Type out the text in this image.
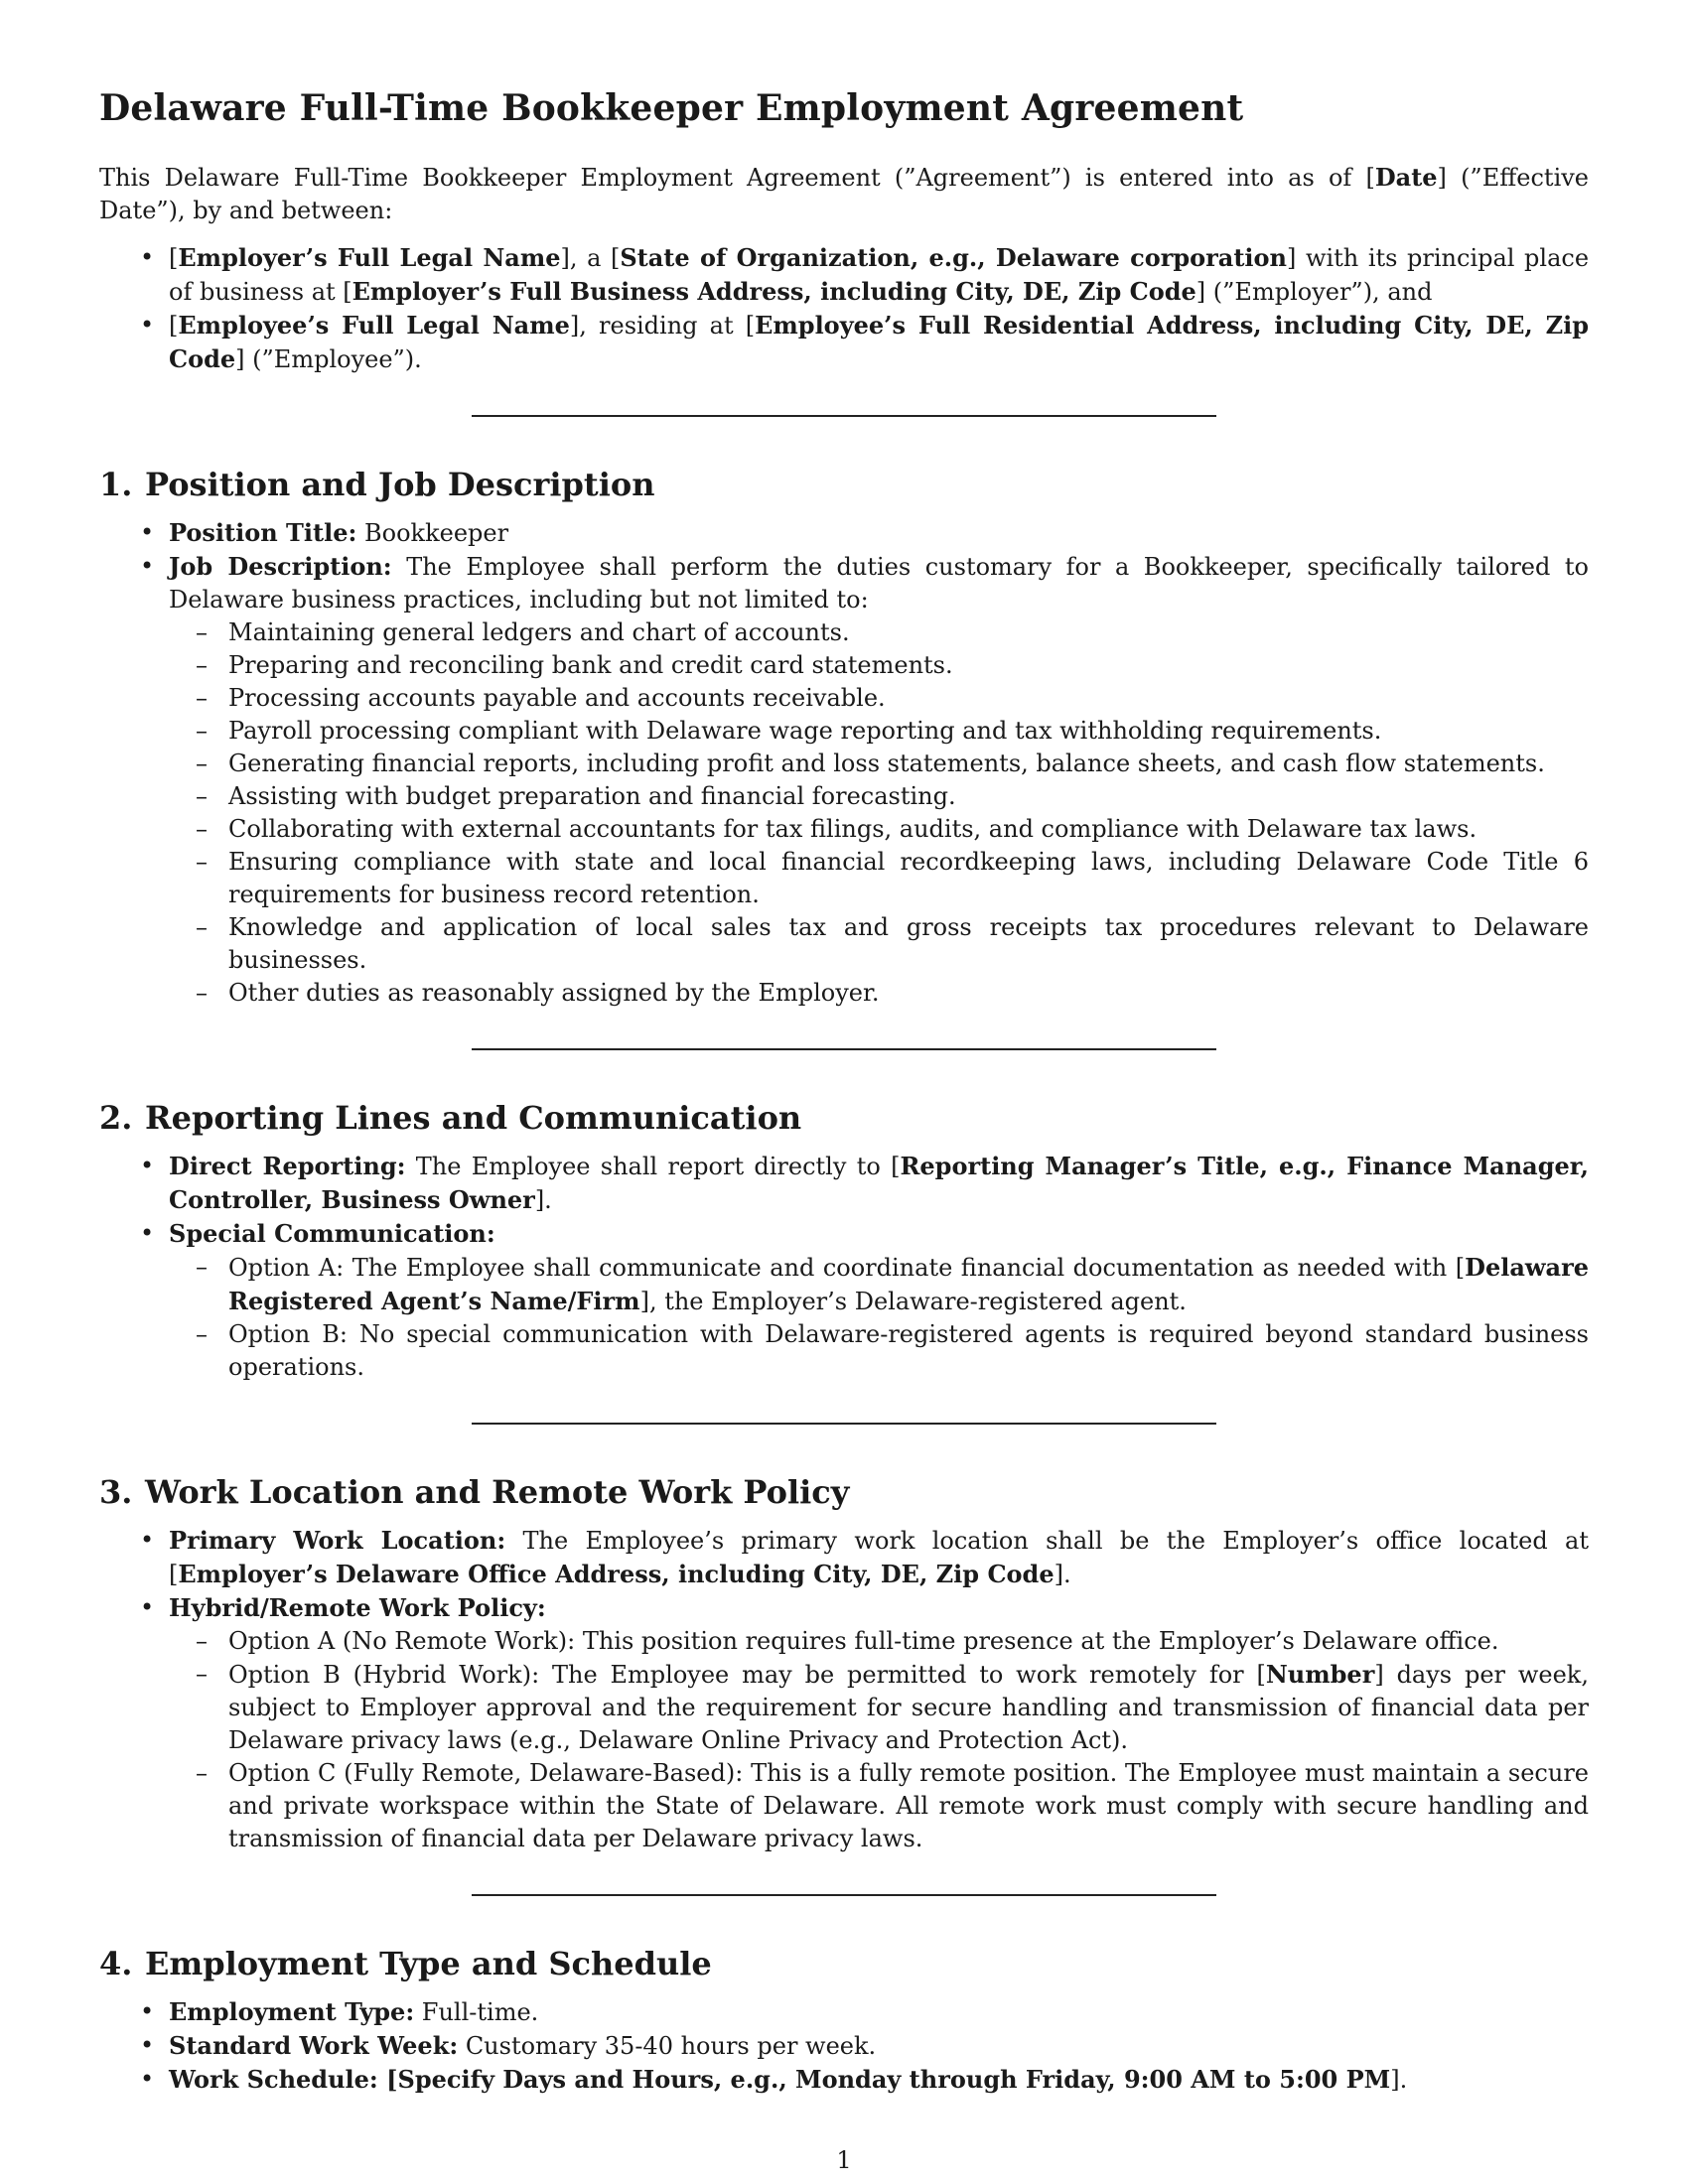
Delaware Full-Time Bookkeeper Employment Agreement

This Delaware Full-Time Bookkeeper Employment Agreement (”Agreement”) is entered into as of [Date] (”Effective Date”), by and between:

• [Employer’s Full Legal Name], a [State of Organization, e.g., Delaware corporation] with its principal place of business at [Employer’s Full Business Address, including City, DE, Zip Code] (”Employer”), and
• [Employee’s Full Legal Name], residing at [Employee’s Full Residential Address, including City, DE, Zip Code] (”Employee”).
1. Position and Job Description
• Position Title: Bookkeeper
• Job Description: The Employee shall perform the duties customary for a Bookkeeper, specifically tailored to Delaware business practices, including but not limited to:
– Maintaining general ledgers and chart of accounts.
– Preparing and reconciling bank and credit card statements.
– Processing accounts payable and accounts receivable.
– Payroll processing compliant with Delaware wage reporting and tax withholding requirements.
– Generating financial reports, including profit and loss statements, balance sheets, and cash flow statements.
– Assisting with budget preparation and financial forecasting.
– Collaborating with external accountants for tax filings, audits, and compliance with Delaware tax laws.
– Ensuring compliance with state and local financial recordkeeping laws, including Delaware Code Title 6 requirements for business record retention.
– Knowledge and application of local sales tax and gross receipts tax procedures relevant to Delaware businesses.
– Other duties as reasonably assigned by the Employer.
2. Reporting Lines and Communication
• Direct Reporting: The Employee shall report directly to [Reporting Manager’s Title, e.g., Finance Manager, Controller, Business Owner].
• Special Communication:
– Option A: The Employee shall communicate and coordinate financial documentation as needed with [Delaware Registered Agent’s Name/Firm], the Employer’s Delaware-registered agent.
– Option B: No special communication with Delaware-registered agents is required beyond standard business operations.
3. Work Location and Remote Work Policy
• Primary Work Location: The Employee’s primary work location shall be the Employer’s office located at [Employer’s Delaware Office Address, including City, DE, Zip Code].
• Hybrid/Remote Work Policy:
– Option A (No Remote Work): This position requires full-time presence at the Employer’s Delaware office.
– Option B (Hybrid Work): The Employee may be permitted to work remotely for [Number] days per week, subject to Employer approval and the requirement for secure handling and transmission of financial data per Delaware privacy laws (e.g., Delaware Online Privacy and Protection Act).
– Option C (Fully Remote, Delaware-Based): This is a fully remote position. The Employee must maintain a secure and private workspace within the State of Delaware. All remote work must comply with secure handling and transmission of financial data per Delaware privacy laws.
4. Employment Type and Schedule
• Employment Type: Full-time.
• Standard Work Week: Customary 35-40 hours per week.
• Work Schedule: [Specify Days and Hours, e.g., Monday through Friday, 9:00 AM to 5:00 PM].
1
